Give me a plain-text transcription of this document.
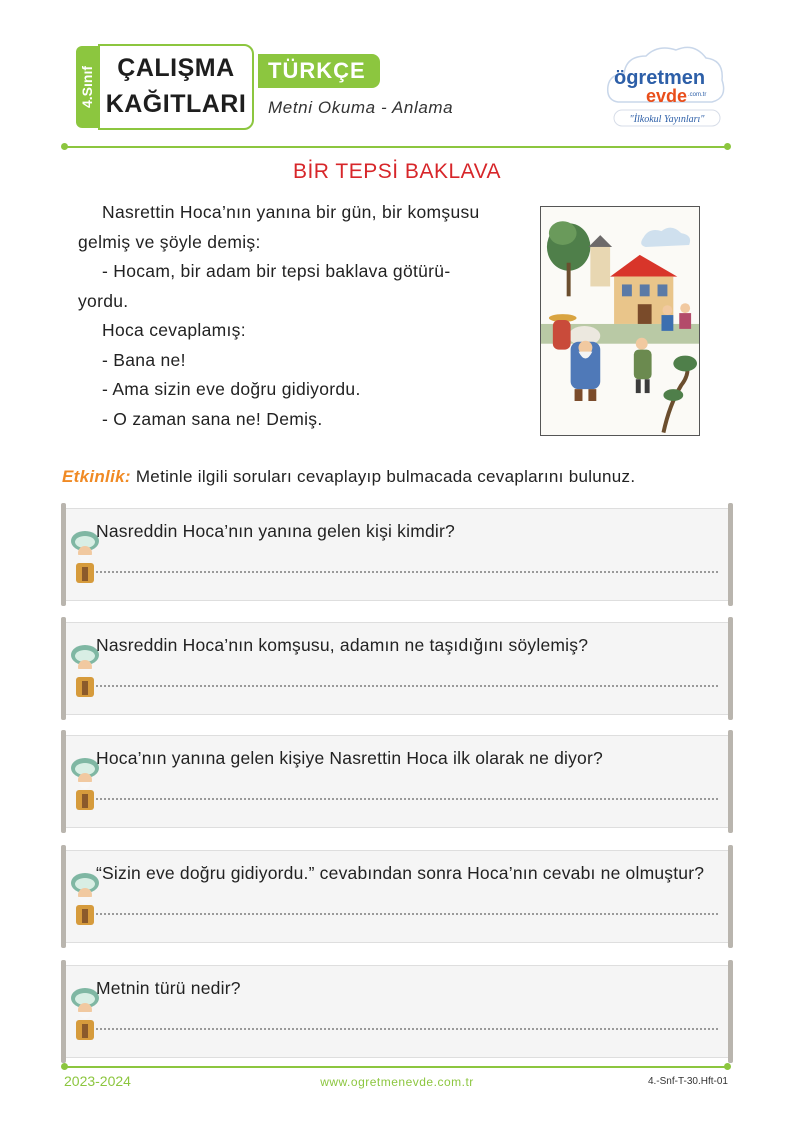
4.Sınıf ÇALIŞMA
KAĞITLARI
TÜRKÇE
Metni Okuma - Anlama
ögretmen
evde .com.tr
"İlkokul Yayınları"
BİR TEPSİ BAKLAVA

Nasrettin Hoca’nın yanına bir gün, bir komşusu

gelmiş ve şöyle demiş:

- Hocam, bir adam bir tepsi baklava götürü-

yordu.

Hoca cevaplamış:

- Bana ne!

- Ama sizin eve doğru gidiyordu.

- O zaman sana ne! Demiş.

Etkinlik: Metinle ilgili soruları cevaplayıp bulmacada cevaplarını bulunuz.
Nasreddin Hoca’nın yanına gelen kişi kimdir?
Nasreddin Hoca’nın komşusu, adamın ne taşıdığını söylemiş?
Hoca’nın yanına gelen kişiye Nasrettin Hoca ilk olarak ne diyor?
“Sizin eve doğru gidiyordu.” cevabından sonra Hoca’nın cevabı ne olmuştur?
Metnin türü nedir?
2023-2024	www.ogretmenevde.com.tr	4.-Snf-T-30.Hft-01
